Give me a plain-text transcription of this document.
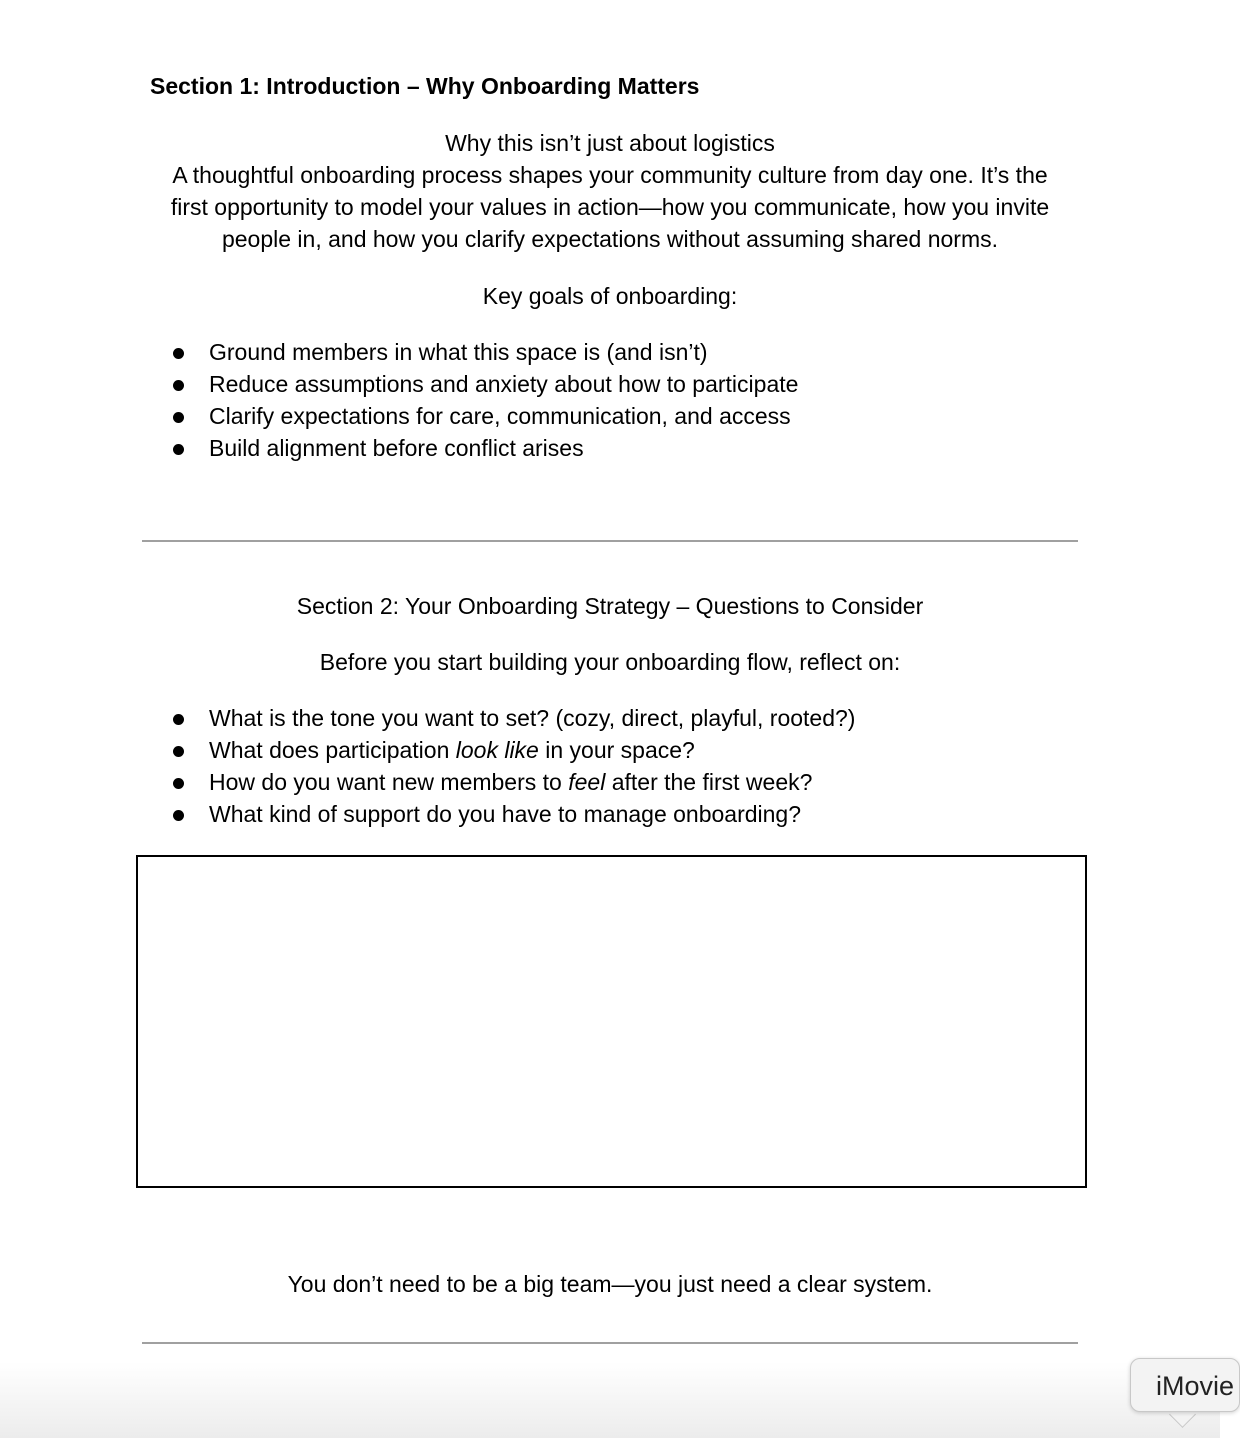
Section 1: Introduction – Why Onboarding Matters
Why this isn’t just about logistics
A thoughtful onboarding process shapes your community culture from day one. It’s the
first opportunity to model your values in action—how you communicate, how you invite
people in, and how you clarify expectations without assuming shared norms.
Key goals of onboarding:
Ground members in what this space is (and isn’t)
Reduce assumptions and anxiety about how to participate
Clarify expectations for care, communication, and access
Build alignment before conflict arises
Section 2: Your Onboarding Strategy – Questions to Consider
Before you start building your onboarding flow, reflect on:
What is the tone you want to set? (cozy, direct, playful, rooted?)
What does participation look like in your space?
How do you want new members to feel after the first week?
What kind of support do you have to manage onboarding?
You don’t need to be a big team—you just need a clear system.
iMovie
